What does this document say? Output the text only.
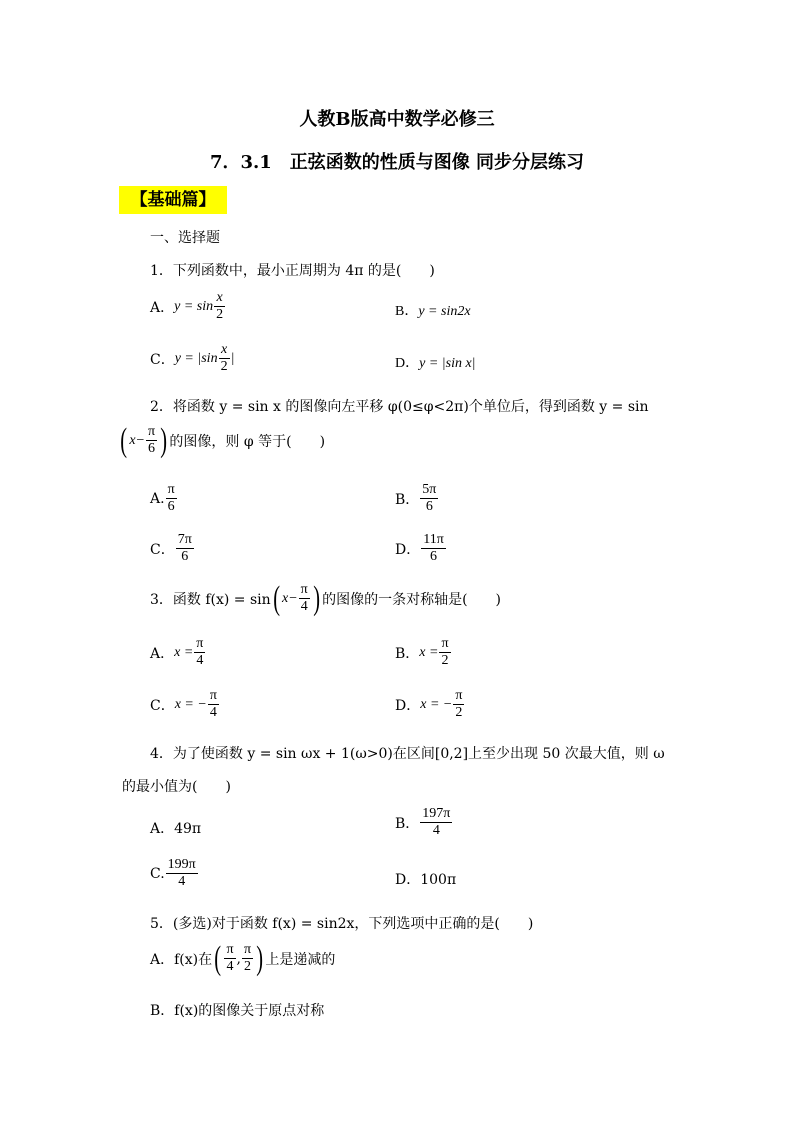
人教B版高中数学必修三
7．3.1　正弦函数的性质与图像 同步分层练习
【基础篇】
一、选择题
1．下列函数中，最小正周期为 4π 的是(　　)
A． $y = \sin \frac{x}{2}$	B．y = sin2x
C． $y = |\sin \frac{x}{2}$ |	D．y = |sin x|
2．将函数 y = sin x 的图像向左平移 φ(0≤φ<2π)个单位后，得到函数 y = sin
( $x- \frac{\pi}{6}$ ) 的图像，则 φ 等于(　　)
A. $\frac{\pi}{6}$	B． $\frac{5\pi}{6}$
C． $\frac{7\pi}{6}$	D． $\frac{11\pi}{6}$
3．函数 f(x) = sin ( $x- \frac{\pi}{4}$ ) 的图像的一条对称轴是(　　)
A． $x = \frac{\pi}{4}$	B． $x = \frac{\pi}{2}$
C． x = − $\frac{\pi}{4}$	D． x = − $\frac{\pi}{2}$
4．为了使函数 y = sin ωx + 1(ω>0)在区间[0,2]上至少出现 50 次最大值，则 ω
的最小值为(　　)
A．49π	B． $\frac{197\pi}{4}$
C. $\frac{199\pi}{4}$	D．100π
5．(多选)对于函数 f(x) = sin2x，下列选项中正确的是(　　)
A．f(x)在 ( $\frac{\pi}{4}$ , $\frac{\pi}{2}$ ) 上是递减的
B．f(x)的图像关于原点对称
